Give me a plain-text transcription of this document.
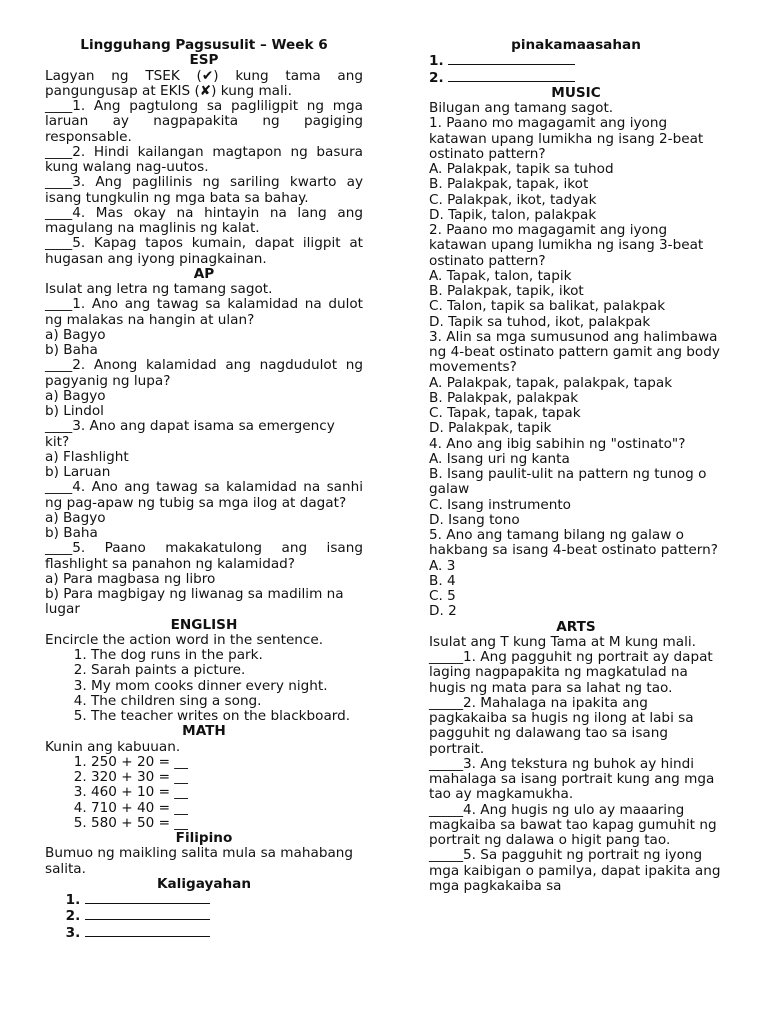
Lingguhang Pagsusulit – Week 6
ESP

Lagyan ng TSEK (✔) kung tama ang pangungusap at EKIS (✘) kung mali.

____1. Ang pagtulong sa pagliligpit ng mga laruan ay nagpapakita ng pagiging responsable.

____2. Hindi kailangan magtapon ng basura kung walang nag-uutos.

____3. Ang paglilinis ng sariling kwarto ay isang tungkulin ng mga bata sa bahay.

____4. Mas okay na hintayin na lang ang magulang na maglinis ng kalat.

____5. Kapag tapos kumain, dapat iligpit at hugasan ang iyong pinagkainan.

AP

Isulat ang letra ng tamang sagot.

____1. Ano ang tawag sa kalamidad na dulot ng malakas na hangin at ulan?

a) Bagyo

b) Baha

____2. Anong kalamidad ang nagdudulot ng pagyanig ng lupa?

a) Bagyo

b) Lindol

____3. Ano ang dapat isama sa emergency kit?

a) Flashlight

b) Laruan

____4. Ano ang tawag sa kalamidad na sanhi ng pag-apaw ng tubig sa mga ilog at dagat?

a) Bagyo

b) Baha

____5. Paano makakatulong ang isang flashlight sa panahon ng kalamidad?

a) Para magbasa ng libro

b) Para magbigay ng liwanag sa madilim na lugar

ENGLISH

Encircle the action word in the sentence.

1. The dog runs in the park.
2. Sarah paints a picture.
3. My mom cooks dinner every night.
4. The children sing a song.
5. The teacher writes on the blackboard.
MATH

Kunin ang kabuuan.

1. 250 + 20 = __
2. 320 + 30 = __
3. 460 + 10 = __
4. 710 + 40 = __
5. 580 + 50 = __
Filipino

Bumuo ng maikling salita mula sa mahabang salita.

Kaligayahan
1.
2.
3.
pinakamaasahan

1.

2.

MUSIC

Bilugan ang tamang sagot.

1. Paano mo magagamit ang iyong katawan upang lumikha ng isang 2-beat ostinato pattern?

A. Palakpak, tapik sa tuhod

B. Palakpak, tapak, ikot

C. Palakpak, ikot, tadyak

D. Tapik, talon, palakpak

2. Paano mo magagamit ang iyong katawan upang lumikha ng isang 3-beat ostinato pattern?

A. Tapak, talon, tapik

B. Palakpak, tapik, ikot

C. Talon, tapik sa balikat, palakpak

D. Tapik sa tuhod, ikot, palakpak

3. Alin sa mga sumusunod ang halimbawa ng 4-beat ostinato pattern gamit ang body movements?

A. Palakpak, tapak, palakpak, tapak

B. Palakpak, palakpak

C. Tapak, tapak, tapak

D. Palakpak, tapik

4. Ano ang ibig sabihin ng "ostinato"?

A. Isang uri ng kanta

B. Isang paulit-ulit na pattern ng tunog o galaw

C. Isang instrumento

D. Isang tono

5. Ano ang tamang bilang ng galaw o hakbang sa isang 4-beat ostinato pattern?

A. 3

B. 4

C. 5

D. 2

ARTS

Isulat ang T kung Tama at M kung mali.

_____1. Ang pagguhit ng portrait ay dapat laging nagpapakita ng magkatulad na hugis ng mata para sa lahat ng tao.

_____2. Mahalaga na ipakita ang pagkakaiba sa hugis ng ilong at labi sa pagguhit ng dalawang tao sa isang portrait.

_____3. Ang tekstura ng buhok ay hindi mahalaga sa isang portrait kung ang mga tao ay magkamukha.

_____4. Ang hugis ng ulo ay maaaring magkaiba sa bawat tao kapag gumuhit ng portrait ng dalawa o higit pang tao.

_____5. Sa pagguhit ng portrait ng iyong mga kaibigan o pamilya, dapat ipakita ang mga pagkakaiba sa
